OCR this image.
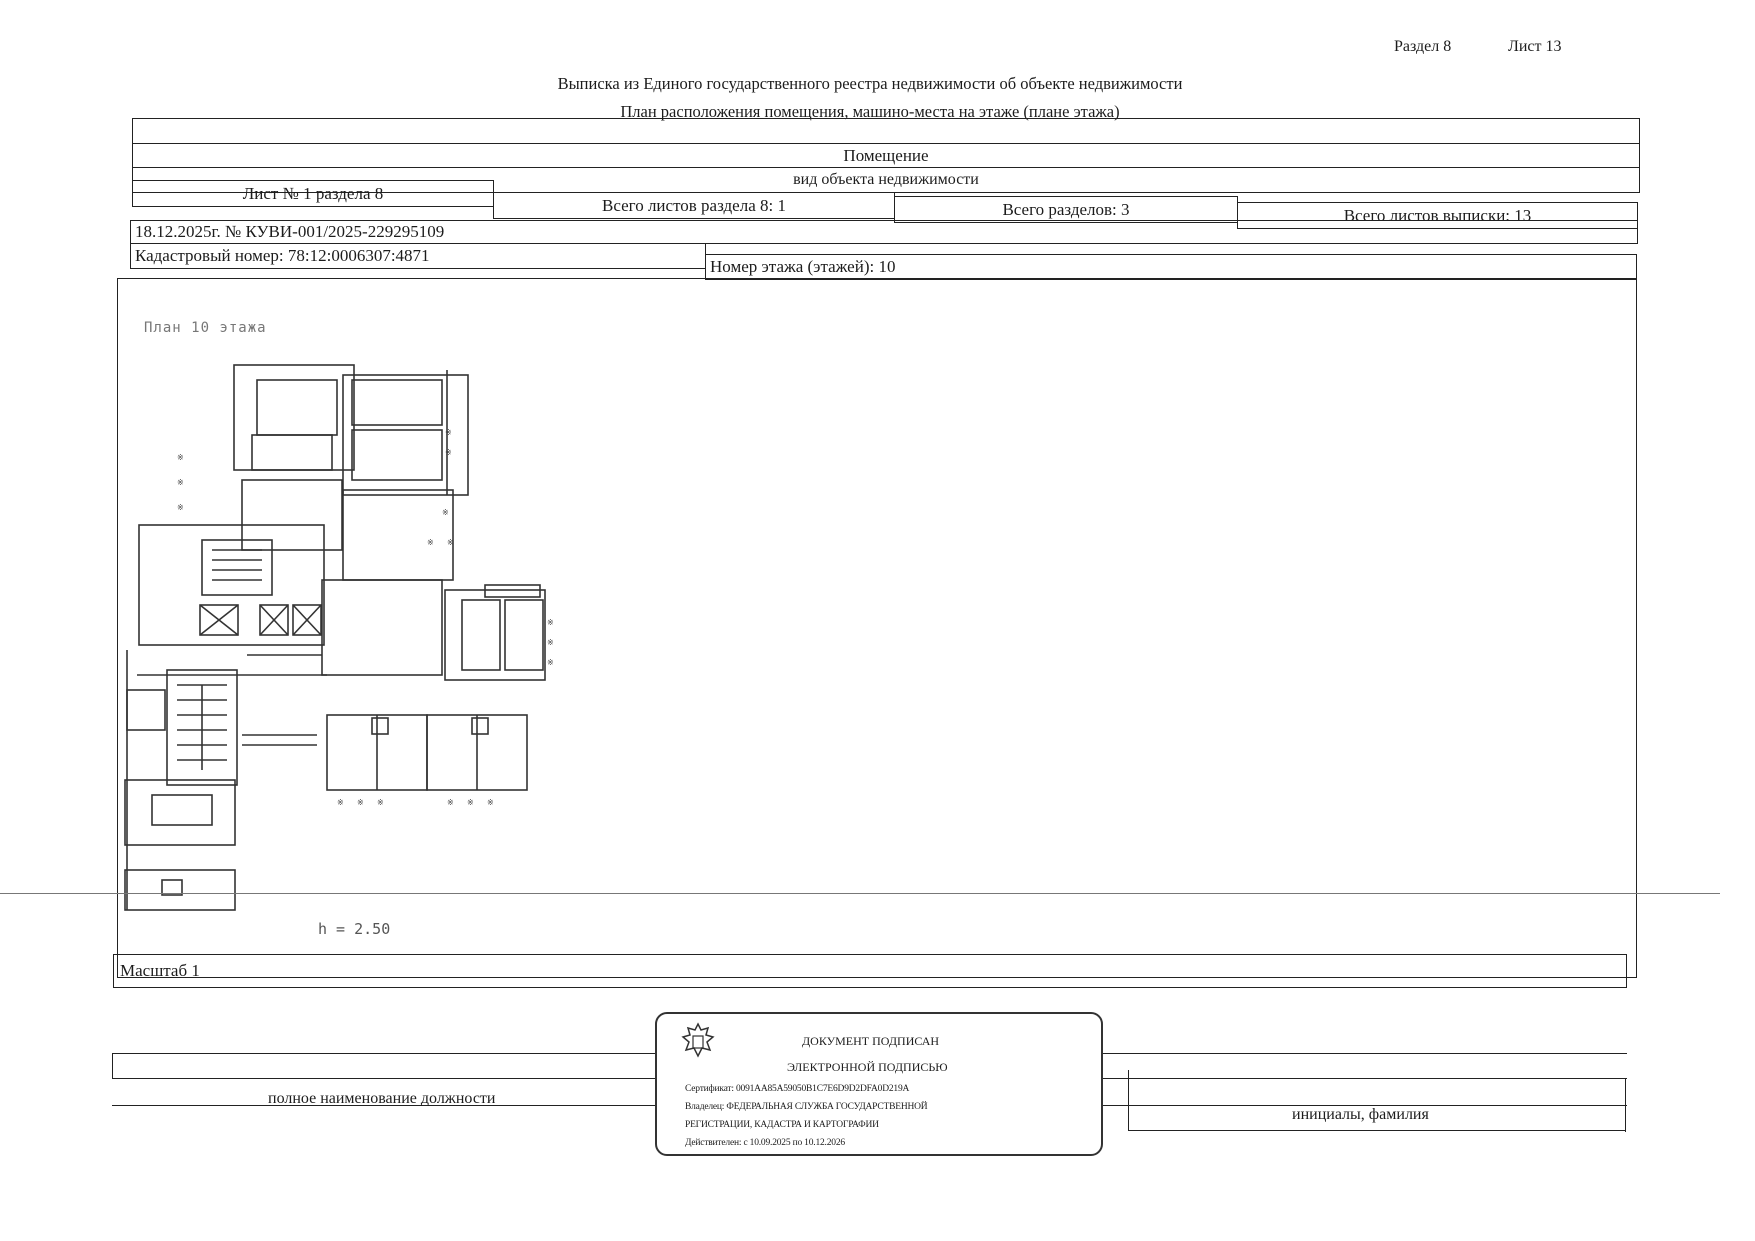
Раздел 8	Лист 13
Выписка из Единого государственного реестра недвижимости об объекте недвижимости
План расположения помещения, машино-места на этаже (плане этажа)
Помещение
вид объекта недвижимости
Лист № 1 раздела 8
Всего листов раздела 8: 1	Всего разделов: 3	Всего листов выписки: 13
18.12.2025г. № КУВИ-001/2025-229295109
Кадастровый номер: 78:12:0006307:4871
Номер этажа (этажей): 10
План 10 этажа
※
※
※
※
※
※
※ ※
※
※
※
※ ※ ※	※ ※ ※
h = 2.50
Масштаб 1
полное наименование должности
инициалы, фамилия
ДОКУМЕНТ ПОДПИСАН
ЭЛЕКТРОННОЙ ПОДПИСЬЮ
Сертификат: 0091AA85A59050B1C7E6D9D2DFA0D219A
Владелец: ФЕДЕРАЛЬНАЯ СЛУЖБА ГОСУДАРСТВЕННОЙ
РЕГИСТРАЦИИ, КАДАСТРА И КАРТОГРАФИИ
Действителен: с 10.09.2025 по 10.12.2026
